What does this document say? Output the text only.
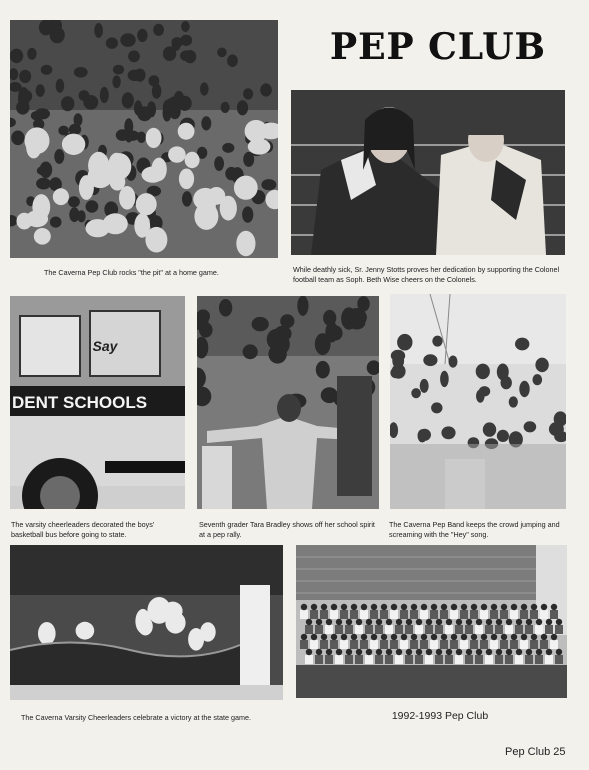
PEP CLUB
The Caverna Pep Club rocks "the pit" at a home game.	While deathly sick, Sr. Jenny Stotts proves her dedication by supporting the Colonel football team as Soph. Beth Wise cheers on the Colonels.
Say
DENT SCHOOLS
The varsity cheerleaders decorated the boys' basketball bus before going to state.
Seventh grader Tara Bradley shows off her school spirit at a pep rally.
The Caverna Pep Band keeps the crowd jumping and screaming with the "Hey" song.
The Caverna Varsity Cheerleaders celebrate a victory at the state game.	1992-1993 Pep Club
Pep Club 25
